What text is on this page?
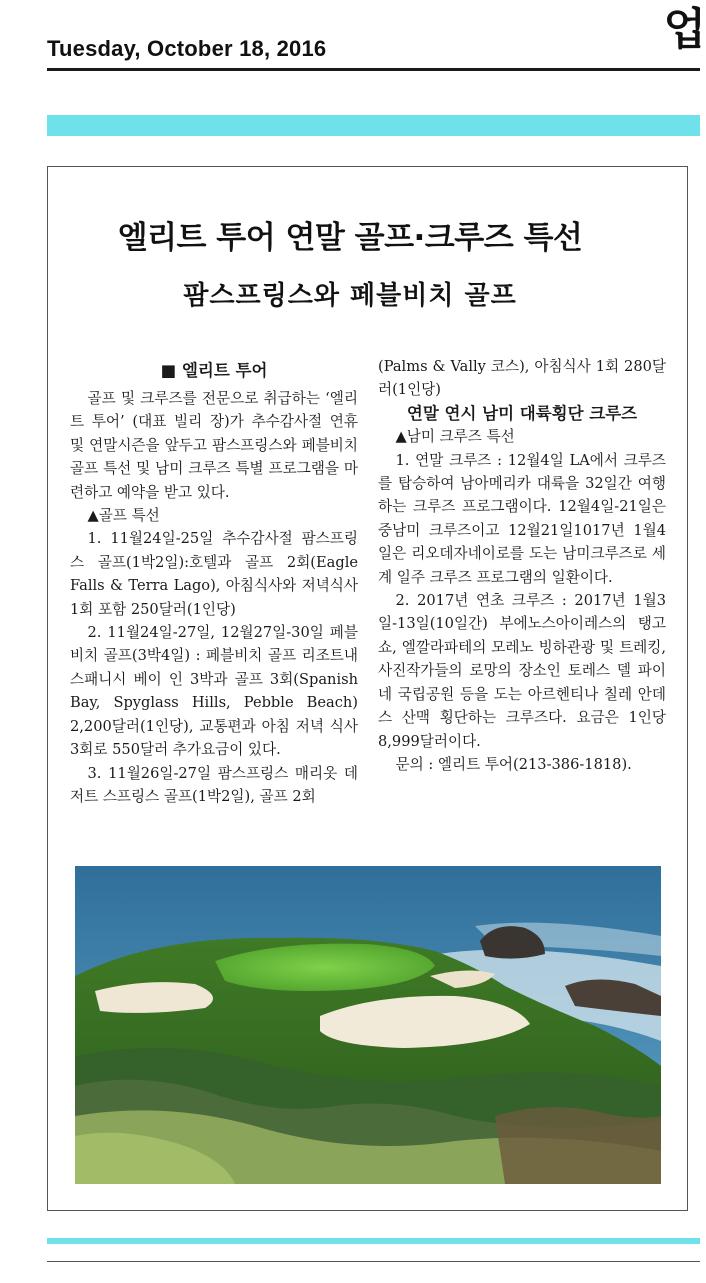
Tuesday, October 18, 2016	업
엘리트 투어 연말 골프·크루즈 특선
팜스프링스와 페블비치 골프

■ 엘리트 투어

골프 및 크루즈를 전문으로 취급하는 ‘엘리트 투어’ (대표 빌리 장)가 추수감사절 연휴 및 연말시즌을 앞두고 팜스프링스와 페블비치 골프 특선 및 남미 크루즈 특별 프로그램을 마련하고 예약을 받고 있다.

▲골프 특선

1. 11월24일-25일 추수감사절 팜스프링스 골프(1박2일):호텔과 골프 2회(Eagle Falls & Terra Lago), 아침식사와 저녁식사 1회 포함 250달러(1인당)

2. 11월24일-27일, 12월27일-30일 페블비치 골프(3박4일) : 페블비치 골프 리조트내 스패니시 베이 인 3박과 골프 3회(Spanish Bay, Spyglass Hills, Pebble Beach) 2,200달러(1인당), 교통편과 아침 저녁 식사 3회로 550달러 추가요금이 있다.

3. 11월26일-27일 팜스프링스 매리옷 데저트 스프링스 골프(1박2일), 골프 2회

(Palms & Vally 코스), 아침식사 1회 280달러(1인당)

연말 연시 남미 대륙횡단 크루즈

▲남미 크루즈 특선

1. 연말 크루즈 : 12월4일 LA에서 크루즈를 탑승하여 남아메리카 대륙을 32일간 여행하는 크루즈 프로그램이다. 12월4일-21일은 중남미 크루즈이고 12월21일1017년 1월4일은 리오데자네이로를 도는 남미크루즈로 세계 일주 크루즈 프로그램의 일환이다.

2. 2017년 연초 크루즈 : 2017년 1월3일-13일(10일간) 부에노스아이레스의 탱고쇼, 엘깔라파테의 모레노 빙하관광 및 트레킹, 사진작가들의 로망의 장소인 토레스 델 파이네 국립공원 등을 도는 아르헨티나 칠레 안데스 산맥 횡단하는 크루즈다. 요금은 1인당 8,999달러이다.

문의 : 엘리트 투어(213-386-1818).
